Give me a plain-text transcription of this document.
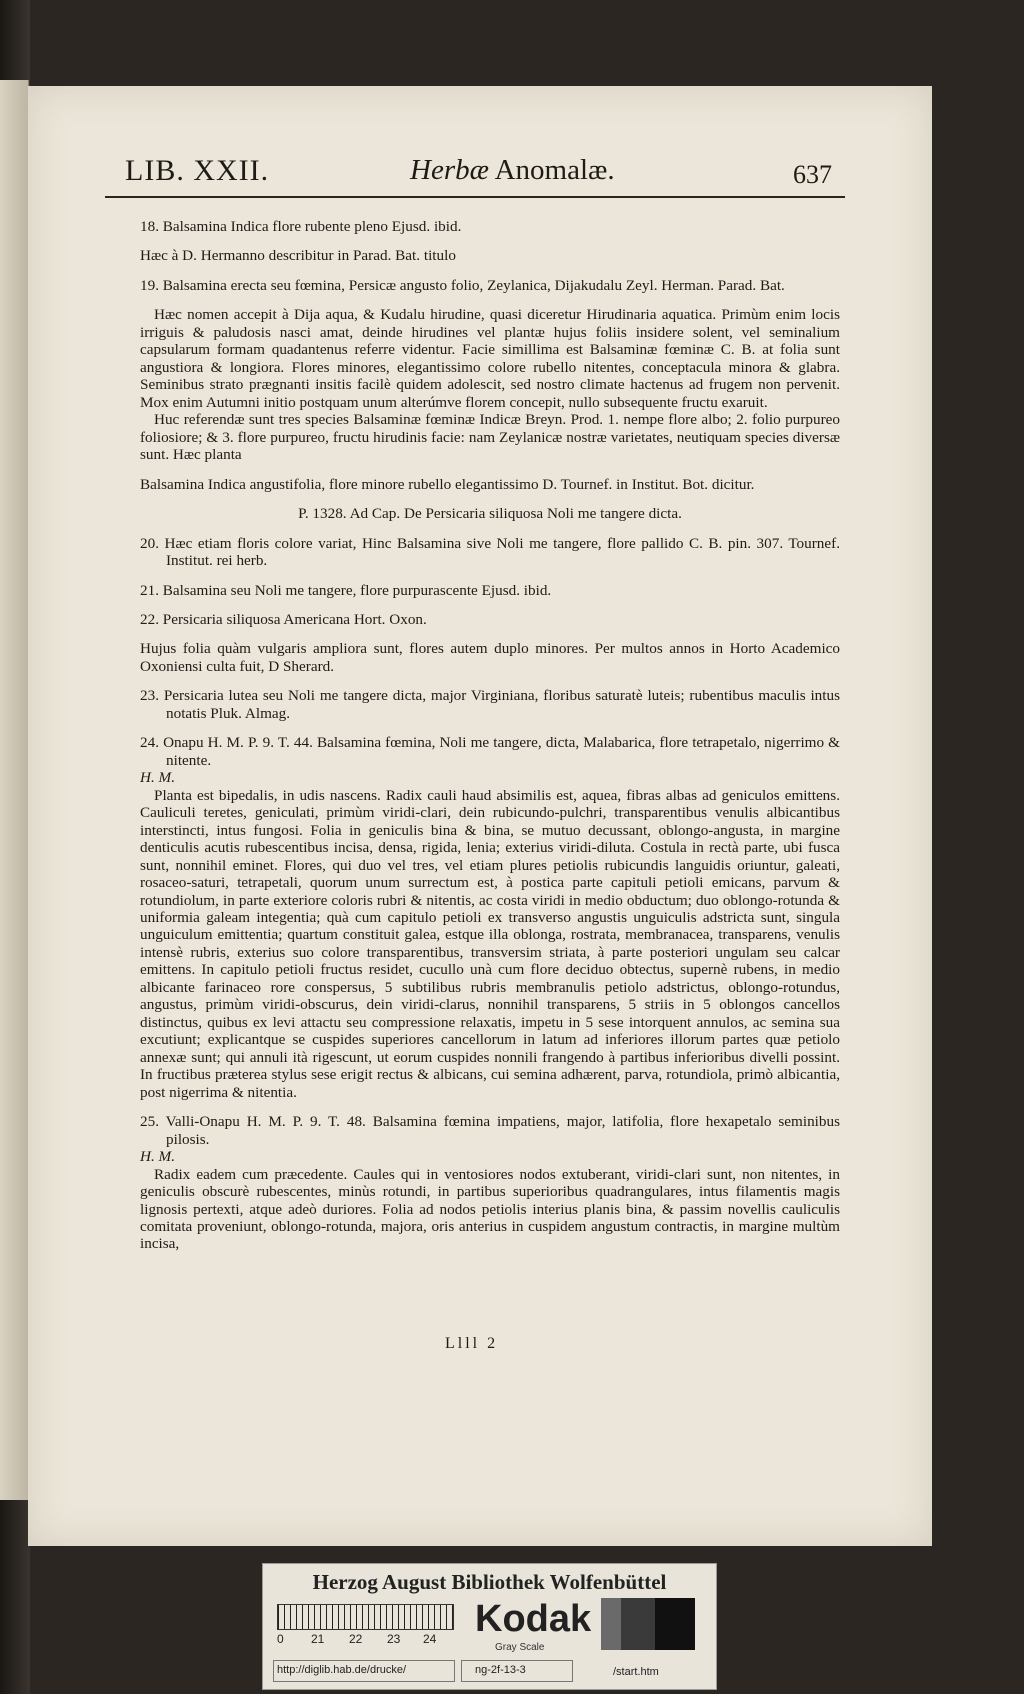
LIB. XXII.	Herbæ Anomalæ.	637

18. Balsamina Indica flore rubente pleno Ejusd. ibid.

Hæc à D. Hermanno describitur in Parad. Bat. titulo

19. Balsamina erecta seu fœmina, Persicæ angusto folio, Zeylanica, Dijakudalu Zeyl. Herman. Parad. Bat.

Hæc nomen accepit à Dija aqua, & Kudalu hirudine, quasi diceretur Hirudinaria aquatica. Primùm enim locis irriguis & paludosis nasci amat, deinde hirudines vel plantæ hujus foliis insidere solent, vel seminalium capsularum formam quadantenus referre videntur. Facie simillima est Balsaminæ fœminæ C. B. at folia sunt angustiora & longiora. Flores minores, elegantissimo colore rubello nitentes, conceptacula minora & glabra. Seminibus strato prægnanti insitis facilè quidem adolescit, sed nostro climate hactenus ad frugem non pervenit. Mox enim Autumni initio postquam unum alterúmve florem concepit, nullo subsequente fructu exaruit.

Huc referendæ sunt tres species Balsaminæ fœminæ Indicæ Breyn. Prod. 1. nempe flore albo; 2. folio purpureo foliosiore; & 3. flore purpureo, fructu hirudinis facie: nam Zeylanicæ nostræ varietates, neutiquam species diversæ sunt. Hæc planta

Balsamina Indica angustifolia, flore minore rubello elegantissimo D. Tournef. in Institut. Bot. dicitur.

P. 1328. Ad Cap. De Persicaria siliquosa Noli me tangere dicta.

20. Hæc etiam floris colore variat, Hinc Balsamina sive Noli me tangere, flore pallido C. B. pin. 307. Tournef. Institut. rei herb.

21. Balsamina seu Noli me tangere, flore purpurascente Ejusd. ibid.

22. Persicaria siliquosa Americana Hort. Oxon.

Hujus folia quàm vulgaris ampliora sunt, flores autem duplo minores. Per multos annos in Horto Academico Oxoniensi culta fuit, D Sherard.

23. Persicaria lutea seu Noli me tangere dicta, major Virginiana, floribus saturatè luteis; rubentibus maculis intus notatis Pluk. Almag.

24. Onapu H. M. P. 9. T. 44. Balsamina fœmina, Noli me tangere, dicta, Malabarica, flore tetrapetalo, nigerrimo & nitente.

H. M.

Planta est bipedalis, in udis nascens. Radix cauli haud absimilis est, aquea, fibras albas ad geniculos emittens. Cauliculi teretes, geniculati, primùm viridi-clari, dein rubicundo-pulchri, transparentibus venulis albicantibus interstincti, intus fungosi. Folia in geniculis bina & bina, se mutuo decussant, oblongo-angusta, in margine denticulis acutis rubescentibus incisa, densa, rigida, lenia; exterius viridi-diluta. Costula in rectà parte, ubi fusca sunt, nonnihil eminet. Flores, qui duo vel tres, vel etiam plures petiolis rubicundis languidis oriuntur, galeati, rosaceo-saturi, tetrapetali, quorum unum surrectum est, à postica parte capituli petioli emicans, parvum & rotundiolum, in parte exteriore coloris rubri & nitentis, ac costa viridi in medio obductum; duo oblongo-rotunda & uniformia galeam integentia; quà cum capitulo petioli ex transverso angustis unguiculis adstricta sunt, singula unguiculum emittentia; quartum constituit galea, estque illa oblonga, rostrata, membranacea, transparens, venulis intensè rubris, exterius suo colore transparentibus, transversim striata, à parte posteriori ungulam seu calcar emittens. In capitulo petioli fructus residet, cucullo unà cum flore deciduo obtectus, supernè rubens, in medio albicante farinaceo rore conspersus, 5 subtilibus rubris membranulis petiolo adstrictus, oblongo-rotundus, angustus, primùm viridi-obscurus, dein viridi-clarus, nonnihil transparens, 5 striis in 5 oblongos cancellos distinctus, quibus ex levi attactu seu compressione relaxatis, impetu in 5 sese intorquent annulos, ac semina sua excutiunt; explicantque se cuspides superiores cancellorum in latum ad inferiores illorum partes quæ petiolo annexæ sunt; qui annuli ità rigescunt, ut eorum cuspides nonnili frangendo à partibus inferioribus divelli possint. In fructibus præterea stylus sese erigit rectus & albicans, cui semina adhærent, parva, rotundiola, primò albicantia, post nigerrima & nitentia.

25. Valli-Onapu H. M. P. 9. T. 48. Balsamina fœmina impatiens, major, latifolia, flore hexapetalo seminibus pilosis.

H. M.

Radix eadem cum præcedente. Caules qui in ventosiores nodos extuberant, viridi-clari sunt, non nitentes, in geniculis obscurè rubescentes, minùs rotundi, in partibus superioribus quadrangulares, intus filamentis magis lignosis pertexti, atque adeò duriores. Folia ad nodos petiolis interius planis bina, & passim novellis cauliculis comitata proveniunt, oblongo-rotunda, majora, oris anterius in cuspidem angustum contractis, in margine multùm incisa,

Llll 2
Herzog August Bibliothek Wolfenbüttel
0 21 22 23 24 Kodak
Gray Scale
http://diglib.hab.de/drucke/	ng-2f-13-3	/start.htm
